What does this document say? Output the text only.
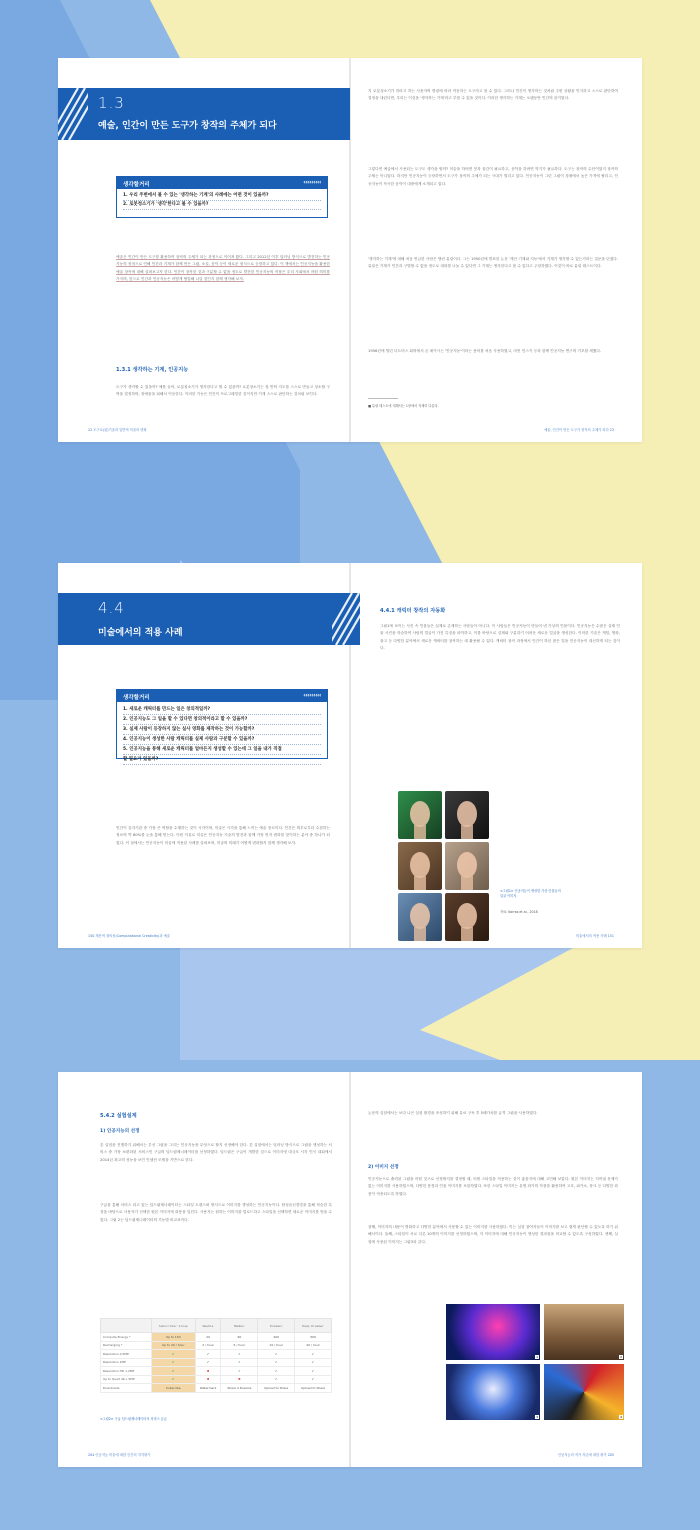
1.3
예술, 인간이 만든 도구가 창작의 주체가 되다
생각할거리	‹‹‹‹‹‹‹‹‹
1. 우리 주변에서 볼 수 있는 '생각하는 기계'의 사례에는 어떤 것이 있을까?
2. 로봇청소기가 '생각'한다고 볼 수 있을까?
예술은 인간이 만든 도구를 활용하여 창작의 주체가 되는 과정으로 이어져 왔다. 그리고 2012년 이후 딥러닝 방식으로 발전하는 인공지능의 장점으로 인해 인간과 기계가 함께 만든 그림, 소설, 음악 등이 새로운 형식으로 등장하고 있다. 이 책에서는 인공지능을 활용한 예술 창작에 대해 살펴보고자 한다. 인간이 창작한 것과 구분할 수 없을 정도로 발전한 인공지능의 작품은 우리 사회에서 어떤 의미를 가지며, 앞으로 인간과 인공지능은 어떻게 협업해 나갈 것인지 함께 생각해 보자.
1.3.1 생각하는 기계, 인공지능
도구가 생각할 수 있을까? 예를 들어, 로봇청소기가 생각한다고 할 수 있을까? 로봇청소기는 집 안의 지도를 스스로 만들고 청소할 구역을 결정하며, 장애물을 피해서 이동한다. 이러한 기능은 인간이 프로그래밍한 것이지만 기계 스스로 판단하는 것처럼 보인다.
22 도구로(된)기술과 일반적 미술의 변화
지 로봇청소기가 하라고 하는 사용자의 명령에 따라 작동하는 도구라고 볼 수 있다. 그러나 인간이 생각하는 것처럼 주변 상황을 인식하고 스스로 판단하여 결정을 내린다면, 우리는 이것을 '생각하는 기계'라고 부를 수 있을 것이다. 이러한 생각하는 기계는 오랫동안 인간의 꿈이었다.
그렇다면 예술에서 사용되는 도구도 생각을 할까? 미술을 하려면 붓과 물감이 필요하고, 음악을 하려면 악기가 필요하다. 도구는 창작의 수단이었지 창작의 주체는 아니었다. 하지만 인공지능이 등장하면서 도구가 창작의 주체가 되는 시대가 열리고 있다. 인공지능이 그린 그림이 경매에서 높은 가격에 팔리고, 인공지능이 작곡한 음악이 대중에게 소개되고 있다.
'생각하는 기계'에 대해 처음 언급한 사람은 앨런 튜링이다. 그는 1950년에 발표한 논문 '계산 기계와 지능'에서 기계가 생각할 수 있는가라는 질문을 던졌다. 튜링은 기계가 인간과 구별할 수 없을 정도로 대화를 나눌 수 있다면 그 기계는 생각한다고 볼 수 있다고 주장하였다. 이것이 바로 튜링 테스트이다.
1956년에 열린 다트머스 회의에서 존 매카시는 '인공지능'이라는 용어를 처음 사용하였고, 마빈 민스키 등과 함께 인공지능 연구의 기초를 세웠다.
■ 튜링 테스트에 대해서는 1장에서 자세히 다룬다.
예술, 인간이 만든 도구가 창작의 주체가 되다 23
4.4
미술에서의 적용 사례
생각할거리	‹‹‹‹‹‹‹‹‹
1. 새로운 캐릭터를 만드는 일은 창의적일까?
2. 인공지능도 그 일을 할 수 있다면 창의적이라고 할 수 있을까?
3. 실제 사람이 등장하지 않는 실사 영화를 제작하는 것이 가능할까?
4. 인공지능이 생성한 사람 캐릭터를 실제 사람과 구분할 수 있을까?
5. 인공지능을 통해 새로운 캐릭터를 얼마든지 생성할 수 있는데 그 일을 내가 직접
할 필요가 있을까?
인간이 감각기관 중 가장 큰 역할을 수행하는 것이 시각이며, 미술은 시각을 통해 느끼는 예술 장르이다. 인간은 외부로부터 수집하는 정보의 약 80%를 눈을 통해 얻는다. 이런 이유로 미술은 인공지능 기술의 발전과 함께 가장 먼저 변화를 맞이하는 분야 중 하나가 되었다. 이 절에서는 인공지능이 미술에 적용된 사례를 살펴보며, 미술의 미래가 어떻게 변화할지 함께 생각해 보자.
150 계산적 창의성(Computational Creativity)과 예술
4.4.1 캐릭터 창작의 자동화
그림1에 보이는 사진 속 인물들은 실제로 존재하는 사람들이 아니다. 이 사람들은 인공지능이 만들어 낸 가상의 인물이다. 인공지능은 수많은 실제 인물 사진을 학습하여 사람의 얼굴이 가진 특징을 파악하고, 이를 바탕으로 실제와 구분하기 어려운 새로운 얼굴을 생성한다. 이러한 기술은 게임, 영화, 광고 등 다양한 분야에서 새로운 캐릭터를 창작하는 데 활용될 수 있다. 캐릭터 창작 과정에서 인간이 하던 많은 일을 인공지능이 대신하게 되는 것이다.
<그림1> 인공지능이 생성한 가상 인물들의 얼굴 이미지
자료: Karras et al., 2018
미술에서의 적용 사례 151
5.4.2 실험설계
1) 인공지능의 선정
본 실험을 진행하기 위해서는 우선 그림을 그리는 인공지능을 무엇으로 할지 선정해야 한다. 본 실험에서는 딥러닝 방식으로 그림을 생성하는 서비스 중 가장 보편화된 서비스인 구글의 딥드림제너레이터를 선정하였다. 딥드림은 구글이 개발한 것으로 이미지넷 대규모 시각 인식 대회에서 2014년 최고의 성능을 보인 인셉션 모델을 기반으로 한다.
구글을 통해 서비스 되고 있는 딥드림제너레이터는 스타일 트랜스퍼 방식으로 이미지를 생성하는 인공지능이다. 합성곱신경망을 통해 학습한 특징을 바탕으로 사용자가 선택한 원본 이미지에 화풍을 입힌다. 사용자는 원하는 이미지를 업로드하고 스타일을 선택하면 새로운 이미지를 얻을 수 있다. 그림 2는 딥드림제너레이터의 기능별 비교표이다.
	Subscriber Group	Newbie	Member	Dreamer	Deep Dreamer
Compute Energy *	Up to 150	20	60	200	500
Recharging *	Up to 20 / hour	2 / hour	5 / hour	10 / hour	20 / hour
Resolution 0.5MP	✔	✔	✔	✔	✔
Resolution 1MP	✔	✔	✔	✔	✔
Resolution HD 1.2MP	✔	✖	✔	✔	✔
Up to Quad 4K+ 5MP	✔	✖	✖	✔	✔
Downloads	Subscribe	Watermark	Share 4 Dreams	Upload to Share	Upload to Share
<그림2> 구글 딥드림제너레이터의 서비스 등급
204 인공지능 미술에 대한 인간의 지각평가
논문의 실험에서는 보다 나은 실험 환경을 조성하기 위해 유료 구독 후 5배가치를 급격 그림을 사용하였다.
2) 이미지 선정
인공지능으로 출력된 그림을 어떤 것으로 선정할지를 결정할 때, 어떤 스타일을 적용하는 것이 좋을지에 대해 고민해 보았다. 원본 이미지는 저작권 문제가 없는 이미지를 사용하였으며, 다양한 풍경과 인물 이미지를 포함하였다. 또한 스타일 이미지는 유명 화가의 작품을 활용하여 고흐, 피카소, 뭉크 등 다양한 화풍이 적용되도록 하였다.
첫째, 이미지의 내용이 명확하고 다양한 분야에서 사용할 수 있는 이미지를 사용하였다. 이는 실험 참여자들이 이미지를 보고 쉽게 판단할 수 있도록 하기 위해서이다. 둘째, 스타일이 서로 다른 10개의 이미지를 선정하였으며, 각 이미지에 대해 인공지능이 생성한 결과물을 비교할 수 있도록 구성하였다. 셋째, 실험에 사용된 이미지는 그림3과 같다.
1	2
3	4
인공지능의 작가 자존에 대한 평가 205
